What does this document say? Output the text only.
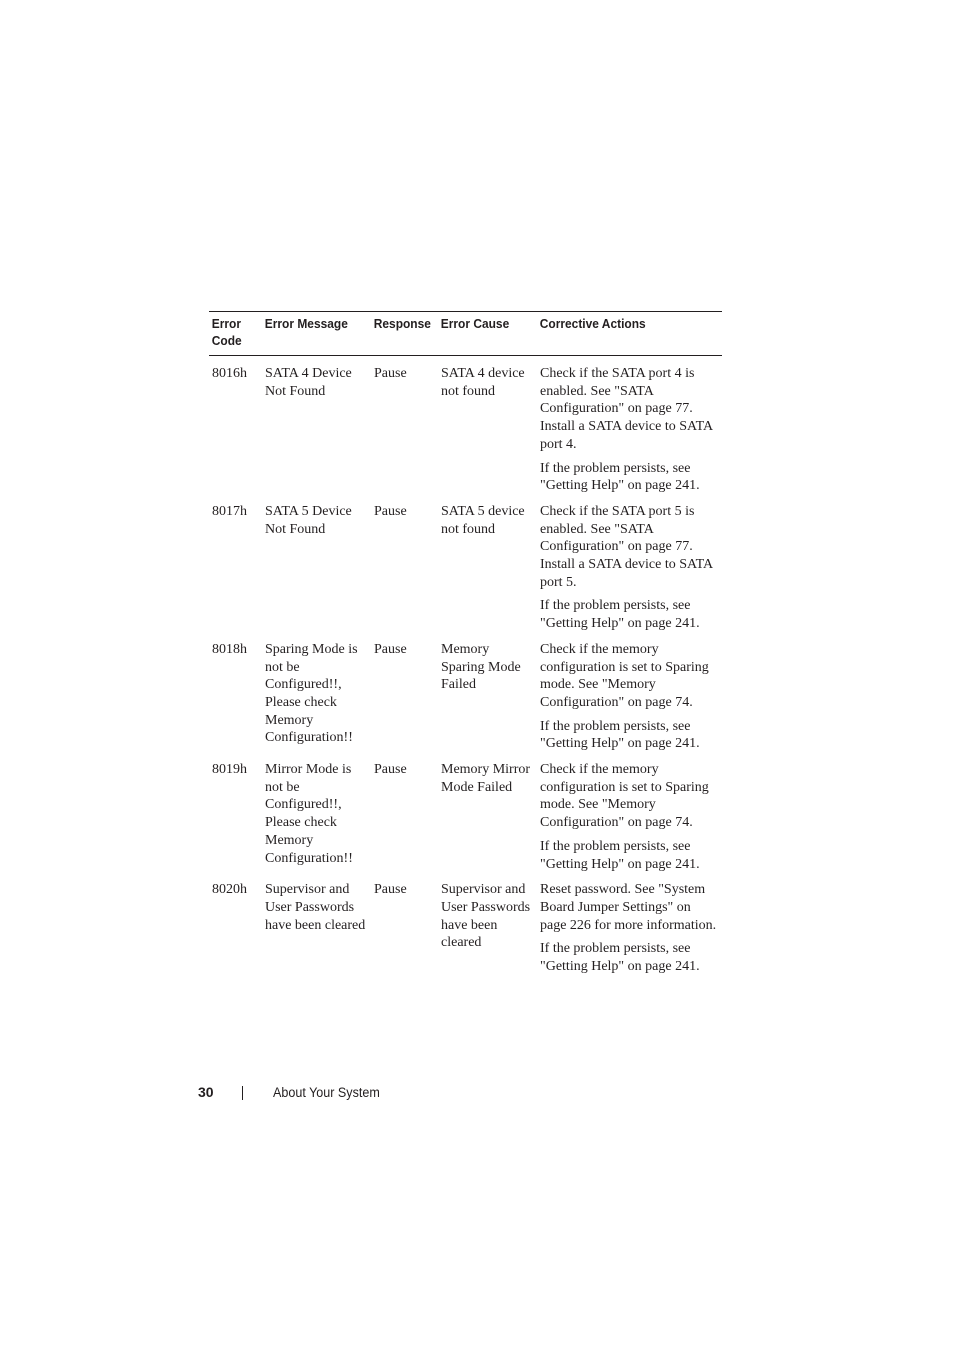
Error Code	Error Message	Response	Error Cause	Corrective Actions
8016h	SATA 4 Device Not Found	Pause	SATA 4 device not found	Check if the SATA port 4 is enabled. See "SATA Configuration" on page 77. Install a SATA device to SATA port 4.

If the problem persists, see "Getting Help" on page 241.

8017h	SATA 5 Device Not Found	Pause	SATA 5 device not found	Check if the SATA port 5 is enabled. See "SATA Configuration" on page 77. Install a SATA device to SATA port 5.

If the problem persists, see "Getting Help" on page 241.

8018h	Sparing Mode is not be Configured!!, Please check Memory Configuration!!	Pause	Memory Sparing Mode Failed	Check if the memory configuration is set to Sparing mode. See "Memory Configuration" on page 74.

If the problem persists, see "Getting Help" on page 241.

8019h	Mirror Mode is not be Configured!!, Please check Memory Configuration!!	Pause	Memory Mirror Mode Failed	Check if the memory configuration is set to Sparing mode. See "Memory Configuration" on page 74.

If the problem persists, see "Getting Help" on page 241.

8020h	Supervisor and User Passwords have been cleared	Pause	Supervisor and User Passwords have been cleared	Reset password. See "System Board Jumper Settings" on page 226 for more information.

If the problem persists, see "Getting Help" on page 241.

30	About Your System
